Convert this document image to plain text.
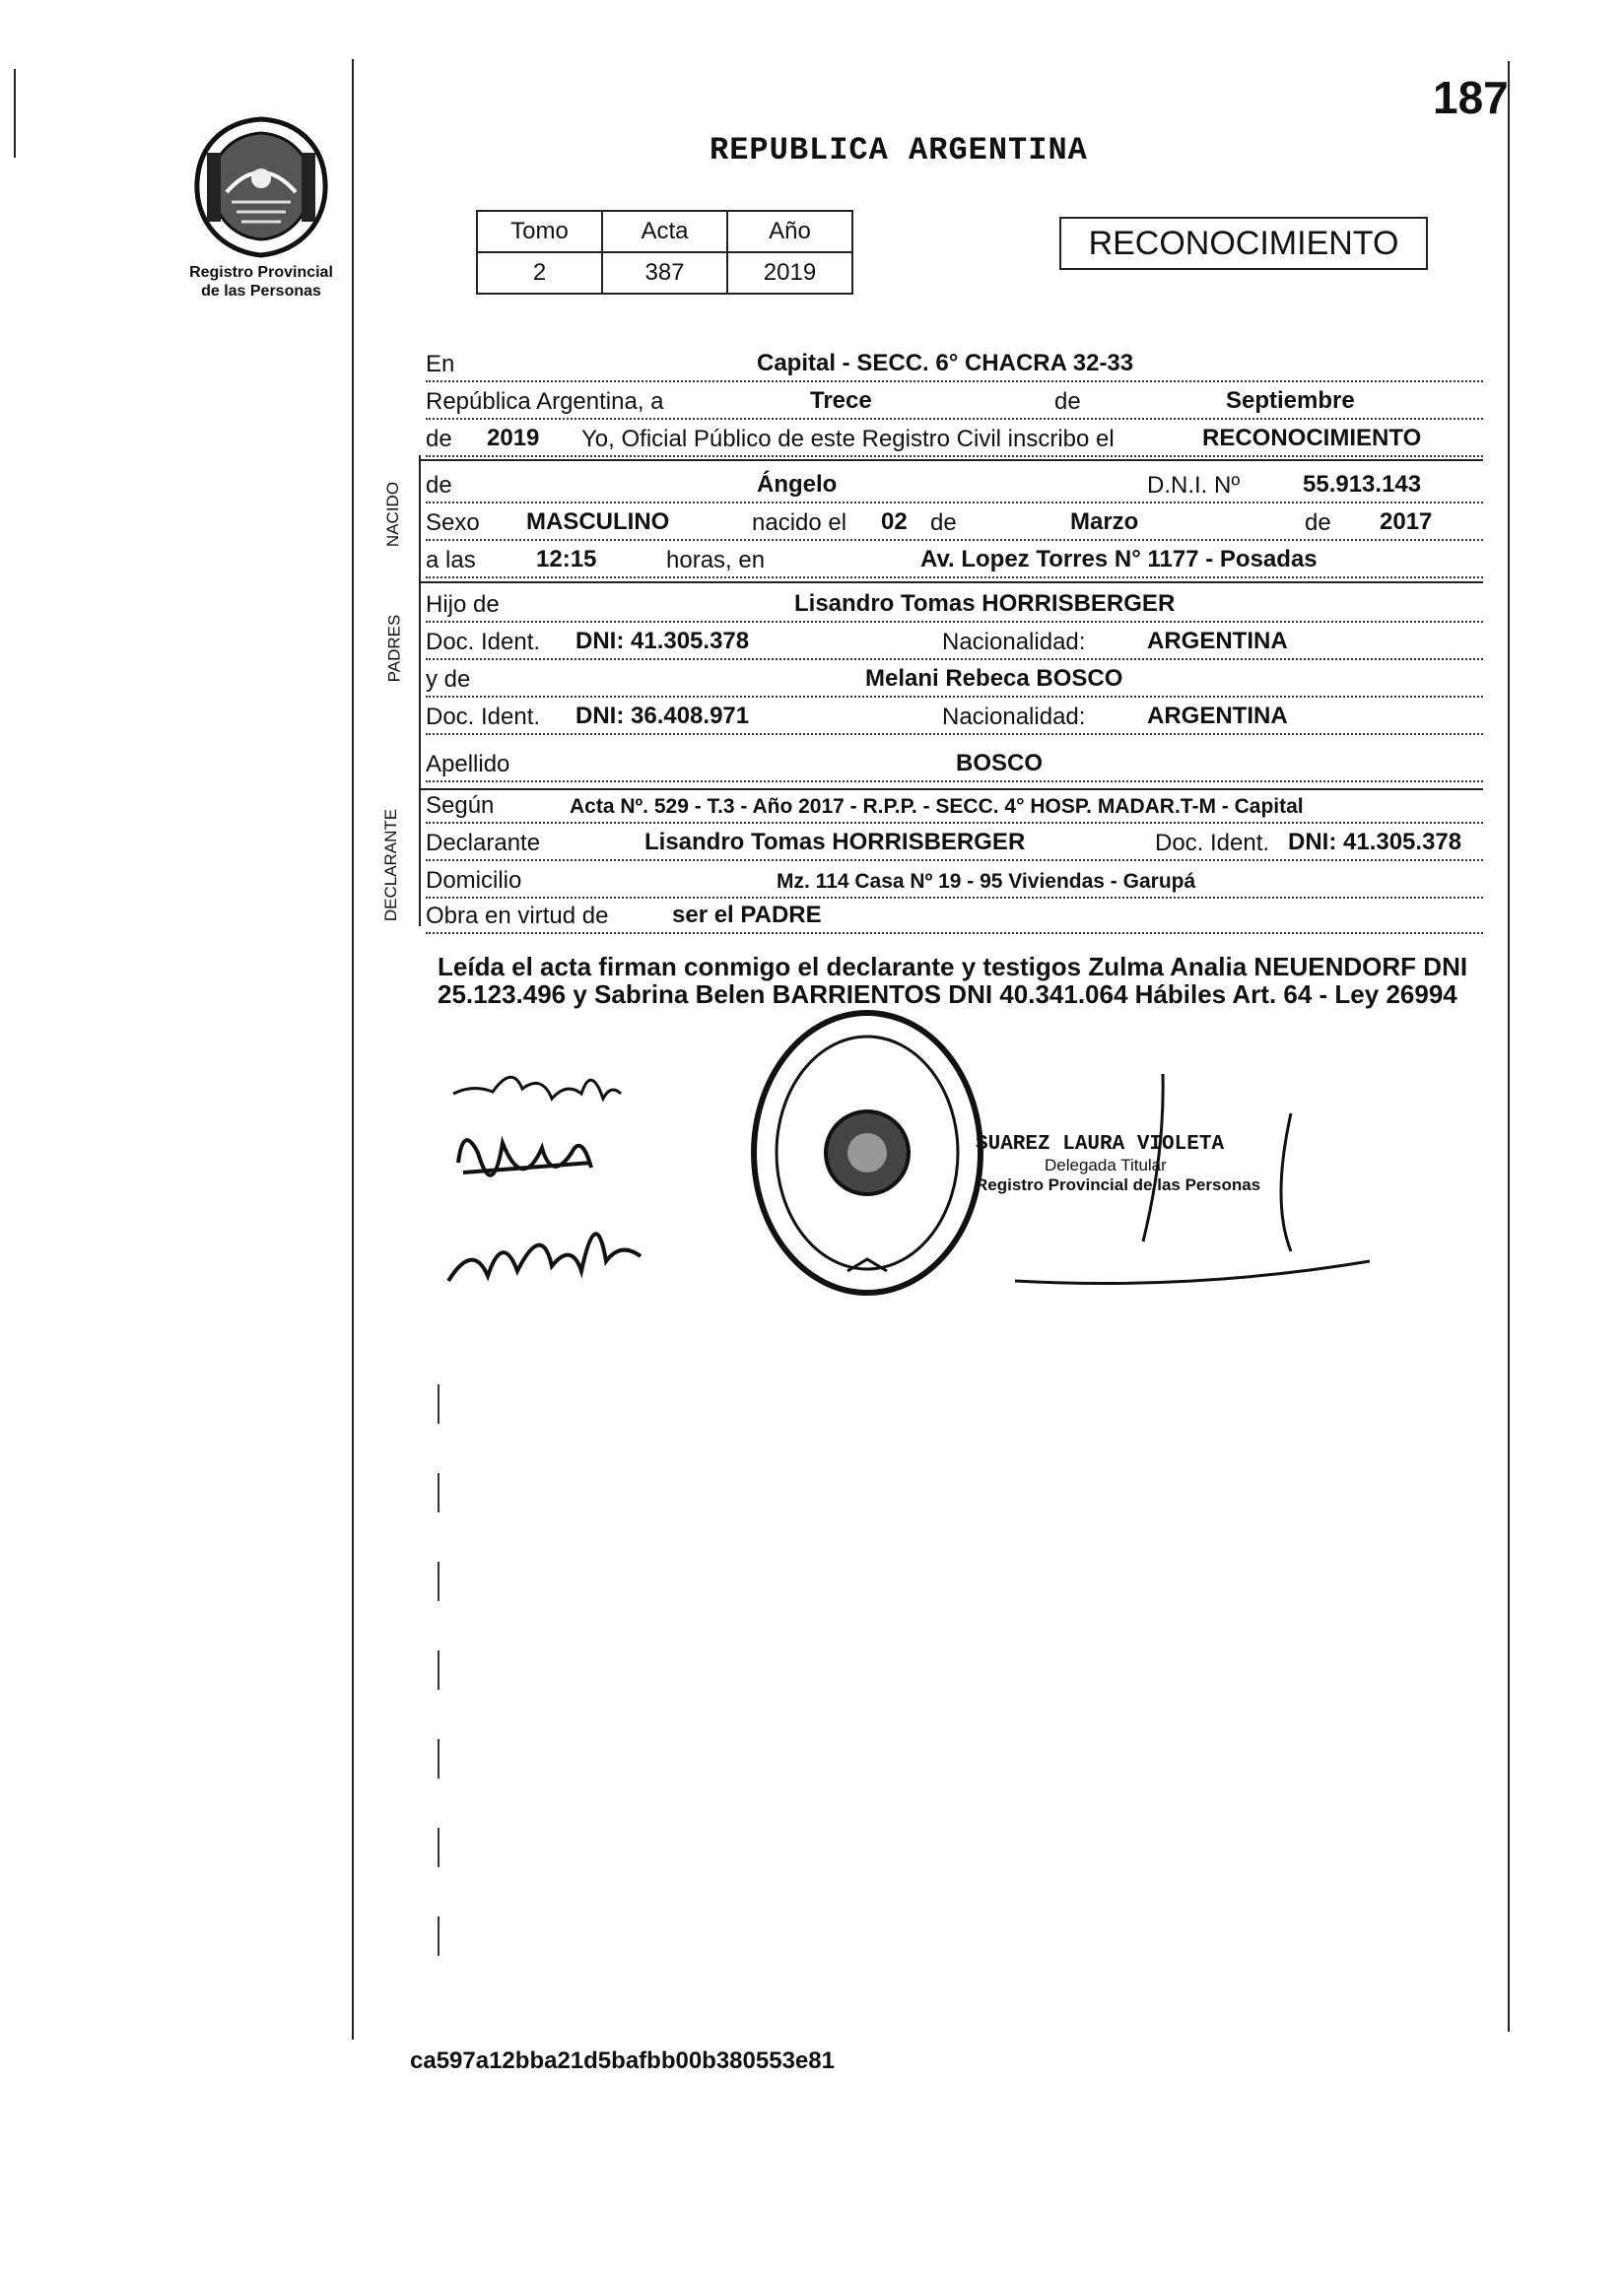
187
Registro Provincial
de las Personas
REPUBLICA ARGENTINA
Tomo	Acta	Año
2	387	2019
RECONOCIMIENTO
En	Capital - SECC. 6° CHACRA 32-33
República Argentina, a	Trece	de	Septiembre
de 2019 Yo, Oficial Público de este Registro Civil inscribo el	RECONOCIMIENTO
NACIDO de	Ángelo	D.N.I. Nº	55.913.143
Sexo MASCULINO	nacido el 02 de	Marzo	de 2017
a las	12:15	horas, en	Av. Lopez Torres N° 1177 - Posadas
PADRES
Hijo de	Lisandro Tomas HORRISBERGER
Doc. Ident. DNI: 41.305.378	Nacionalidad:	ARGENTINA
y de	Melani Rebeca BOSCO
Doc. Ident. DNI: 36.408.971	Nacionalidad:	ARGENTINA
Apellido	BOSCO
DECLARANTE
Según	Acta Nº. 529 - T.3 - Año 2017 - R.P.P. - SECC. 4° HOSP. MADAR.T-M - Capital
Declarante	Lisandro Tomas HORRISBERGER	Doc. Ident. DNI: 41.305.378
Domicilio	Mz. 114 Casa Nº 19 - 95 Viviendas - Garupá
Obra en virtud de	ser el PADRE
Leída el acta firman conmigo el declarante y testigos Zulma Analia NEUENDORF DNI 25.123.496 y Sabrina Belen BARRIENTOS DNI 40.341.064 Hábiles Art. 64 - Ley 26994
SUAREZ LAURA VIOLETA
Delegada Titular
Registro Provincial de las Personas
ca597a12bba21d5bafbb00b380553e81
